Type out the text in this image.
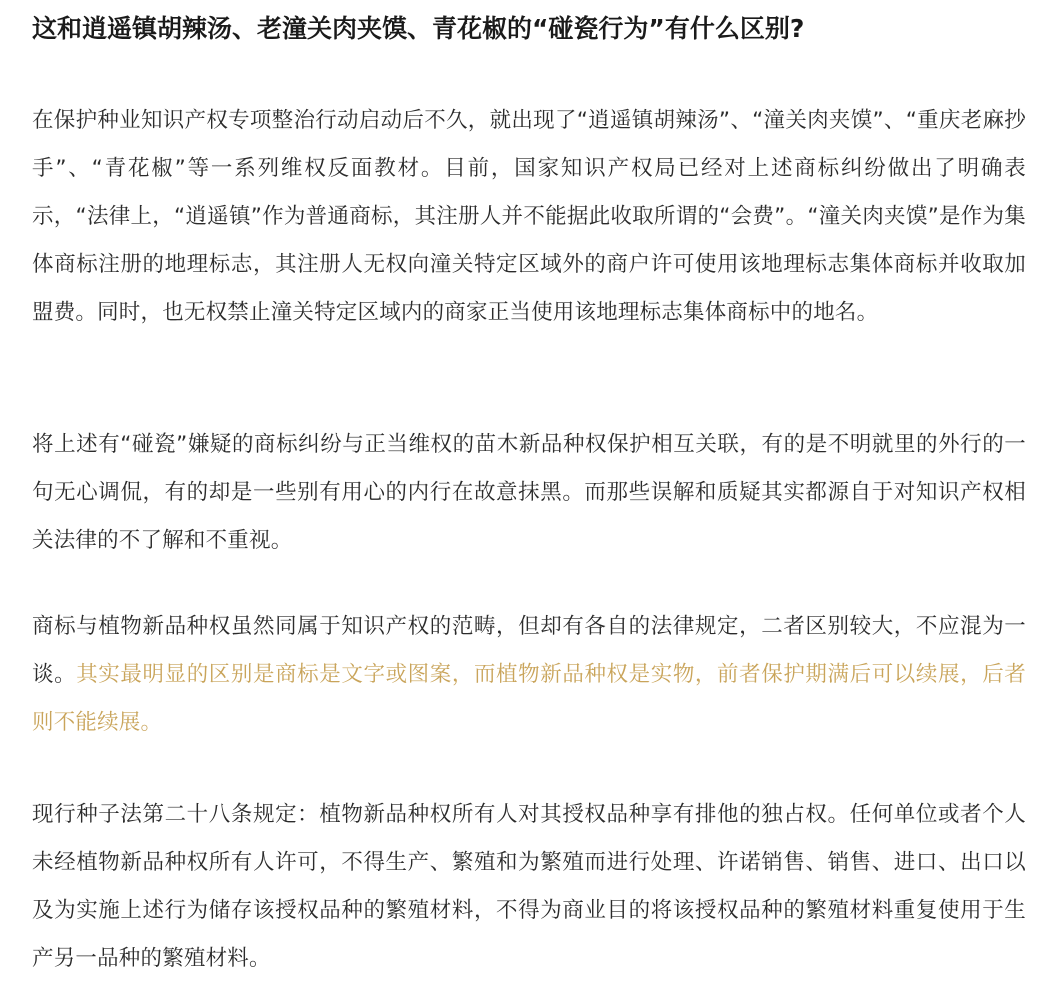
这和逍遥镇胡辣汤、老潼关肉夹馍、青花椒的“碰瓷行为”有什么区别?

在保护种业知识产权专项整治行动启动后不久，就出现了“逍遥镇胡辣汤”、“潼关肉夹馍”、“重庆老麻抄手”、“青花椒”等一系列维权反面教材。目前，国家知识产权局已经对上述商标纠纷做出了明确表示，“法律上，“逍遥镇”作为普通商标，其注册人并不能据此收取所谓的“会费”。“潼关肉夹馍”是作为集体商标注册的地理标志，其注册人无权向潼关特定区域外的商户许可使用该地理标志集体商标并收取加盟费。同时，也无权禁止潼关特定区域内的商家正当使用该地理标志集体商标中的地名。

将上述有“碰瓷”嫌疑的商标纠纷与正当维权的苗木新品种权保护相互关联，有的是不明就里的外行的一句无心调侃，有的却是一些别有用心的内行在故意抹黑。而那些误解和质疑其实都源自于对知识产权相关法律的不了解和不重视。

商标与植物新品种权虽然同属于知识产权的范畴，但却有各自的法律规定，二者区别较大，不应混为一谈。其实最明显的区别是商标是文字或图案，而植物新品种权是实物，前者保护期满后可以续展，后者则不能续展。

现行种子法第二十八条规定：植物新品种权所有人对其授权品种享有排他的独占权。任何单位或者个人未经植物新品种权所有人许可，不得生产、繁殖和为繁殖而进行处理、许诺销售、销售、进口、出口以及为实施上述行为储存该授权品种的繁殖材料，不得为商业目的将该授权品种的繁殖材料重复使用于生产另一品种的繁殖材料。
